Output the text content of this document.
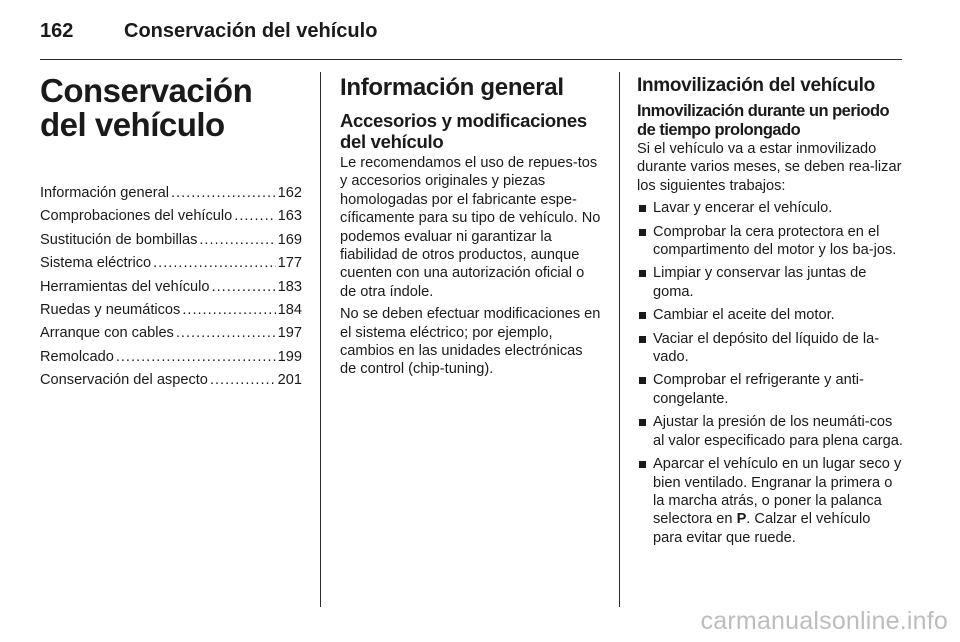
162	Conservación del vehículo
Conservación del vehículo
Información general .....	162
Comprobaciones del vehículo .....	163
Sustitución de bombillas .....	169
Sistema eléctrico .....	177
Herramientas del vehículo .....	183
Ruedas y neumáticos .....	184
Arranque con cables .....	197
Remolcado .....	199
Conservación del aspecto .....	201
Información general
Accesorios y modificaciones del vehículo

Le recomendamos el uso de repues-tos y accesorios originales y piezas homologadas por el fabricante espe-cíficamente para su tipo de vehículo. No podemos evaluar ni garantizar la fiabilidad de otros productos, aunque cuenten con una autorización oficial o de otra índole.

No se deben efectuar modificaciones en el sistema eléctrico; por ejemplo, cambios en las unidades electrónicas de control (chip-tuning).

Inmovilización del vehículo
Inmovilización durante un periodo de tiempo prolongado

Si el vehículo va a estar inmovilizado durante varios meses, se deben rea-lizar los siguientes trabajos:

Lavar y encerar el vehículo.
Comprobar la cera protectora en el compartimento del motor y los ba-jos.
Limpiar y conservar las juntas de goma.
Cambiar el aceite del motor.
Vaciar el depósito del líquido de la-vado.
Comprobar el refrigerante y anti-congelante.
Ajustar la presión de los neumáti-cos al valor especificado para plena carga.
Aparcar el vehículo en un lugar seco y bien ventilado. Engranar la primera o la marcha atrás, o poner la palanca selectora en P. Calzar el vehículo para evitar que ruede.
carmanualsonline.info
